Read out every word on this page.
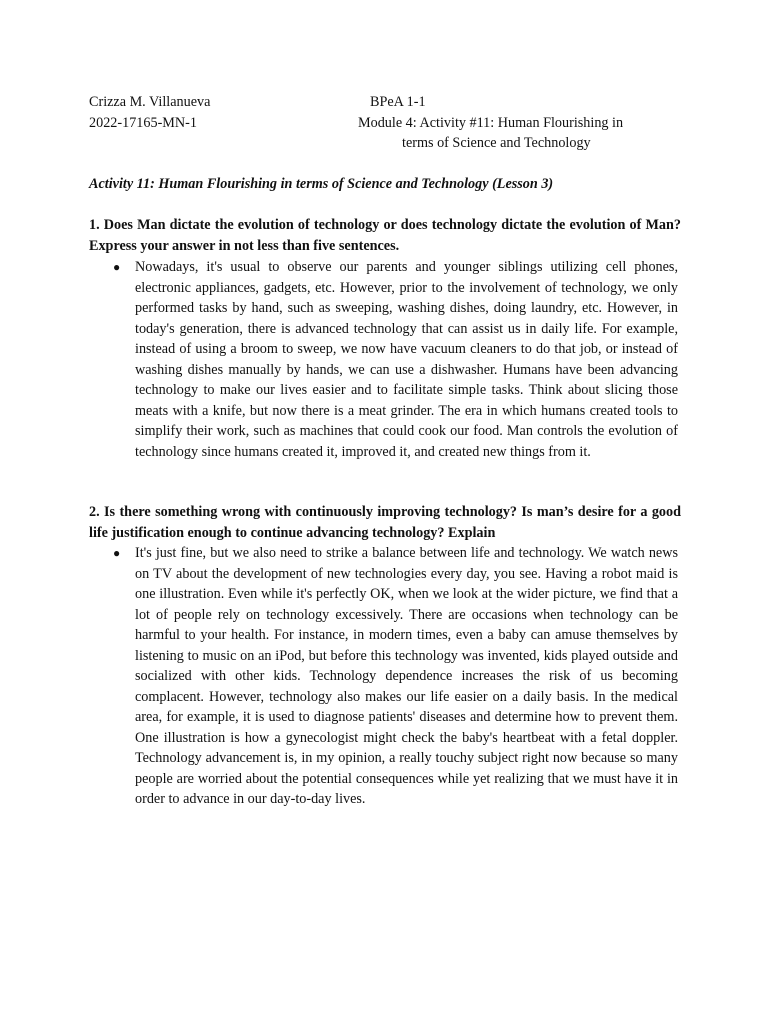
Crizza M. Villanueva	BPeA 1-1
2022-17165-MN-1	Module 4: Activity #11: Human Flourishing in
terms of Science and Technology
Activity 11: Human Flourishing in terms of Science and Technology (Lesson 3)
1. Does Man dictate the evolution of technology or does technology dictate the evolution of Man? Express your answer in not less than five sentences.
● Nowadays, it's usual to observe our parents and younger siblings utilizing cell phones, electronic appliances, gadgets, etc. However, prior to the involvement of technology, we only performed tasks by hand, such as sweeping, washing dishes, doing laundry, etc. However, in today's generation, there is advanced technology that can assist us in daily life. For example, instead of using a broom to sweep, we now have vacuum cleaners to do that job, or instead of washing dishes manually by hands, we can use a dishwasher. Humans have been advancing technology to make our lives easier and to facilitate simple tasks. Think about slicing those meats with a knife, but now there is a meat grinder. The era in which humans created tools to simplify their work, such as machines that could cook our food. Man controls the evolution of technology since humans created it, improved it, and created new things from it.
2. Is there something wrong with continuously improving technology? Is man’s desire for a good life justification enough to continue advancing technology? Explain
● It's just fine, but we also need to strike a balance between life and technology. We watch news on TV about the development of new technologies every day, you see. Having a robot maid is one illustration. Even while it's perfectly OK, when we look at the wider picture, we find that a lot of people rely on technology excessively. There are occasions when technology can be harmful to your health. For instance, in modern times, even a baby can amuse themselves by listening to music on an iPod, but before this technology was invented, kids played outside and socialized with other kids. Technology dependence increases the risk of us becoming complacent. However, technology also makes our life easier on a daily basis. In the medical area, for example, it is used to diagnose patients' diseases and determine how to prevent them. One illustration is how a gynecologist might check the baby's heartbeat with a fetal doppler. Technology advancement is, in my opinion, a really touchy subject right now because so many people are worried about the potential consequences while yet realizing that we must have it in order to advance in our day-to-day lives.
